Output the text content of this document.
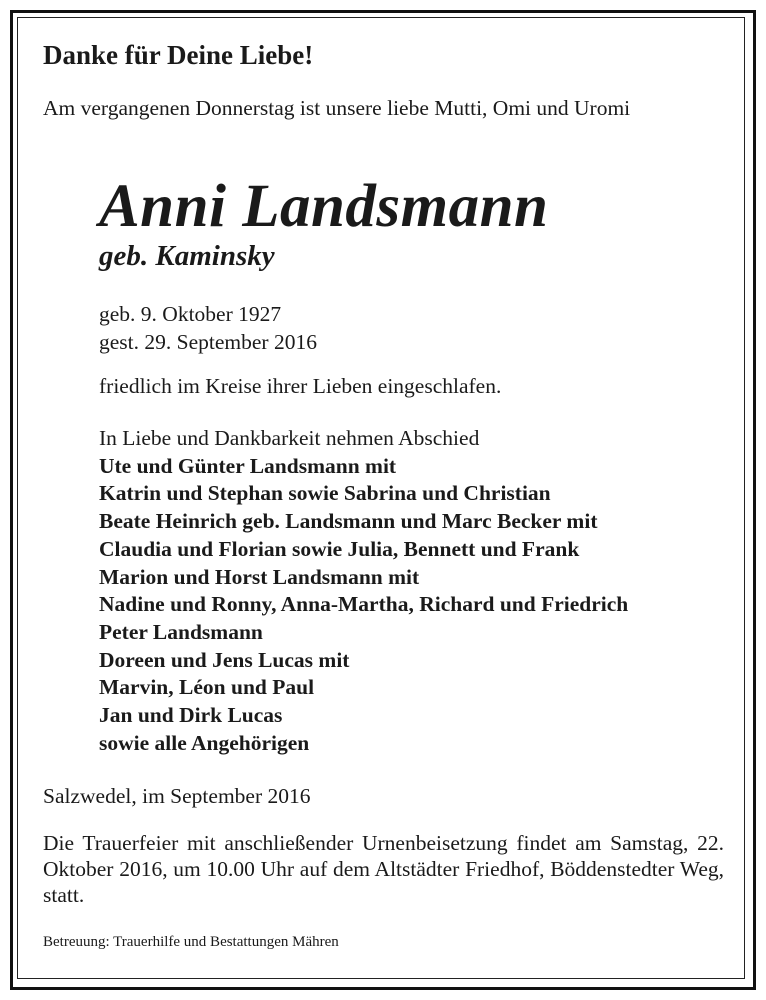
Danke für Deine Liebe!
Am vergangenen Donnerstag ist unsere liebe Mutti, Omi und Uromi
Anni Landsmann
geb. Kaminsky
geb. 9. Oktober 1927
gest. 29. September 2016
friedlich im Kreise ihrer Lieben eingeschlafen.
In Liebe und Dankbarkeit nehmen Abschied
Ute und Günter Landsmann mit
Katrin und Stephan sowie Sabrina und Christian
Beate Heinrich geb. Landsmann und Marc Becker mit
Claudia und Florian sowie Julia, Bennett und Frank
Marion und Horst Landsmann mit
Nadine und Ronny, Anna-Martha, Richard und Friedrich
Peter Landsmann
Doreen und Jens Lucas mit
Marvin, Léon und Paul
Jan und Dirk Lucas
sowie alle Angehörigen
Salzwedel, im September 2016
Die Trauerfeier mit anschließender Urnenbeisetzung findet am Samstag, 22. Oktober 2016, um 10.00 Uhr auf dem Altstädter Friedhof, Böddenstedter Weg, statt.
Betreuung: Trauerhilfe und Bestattungen Mähren
